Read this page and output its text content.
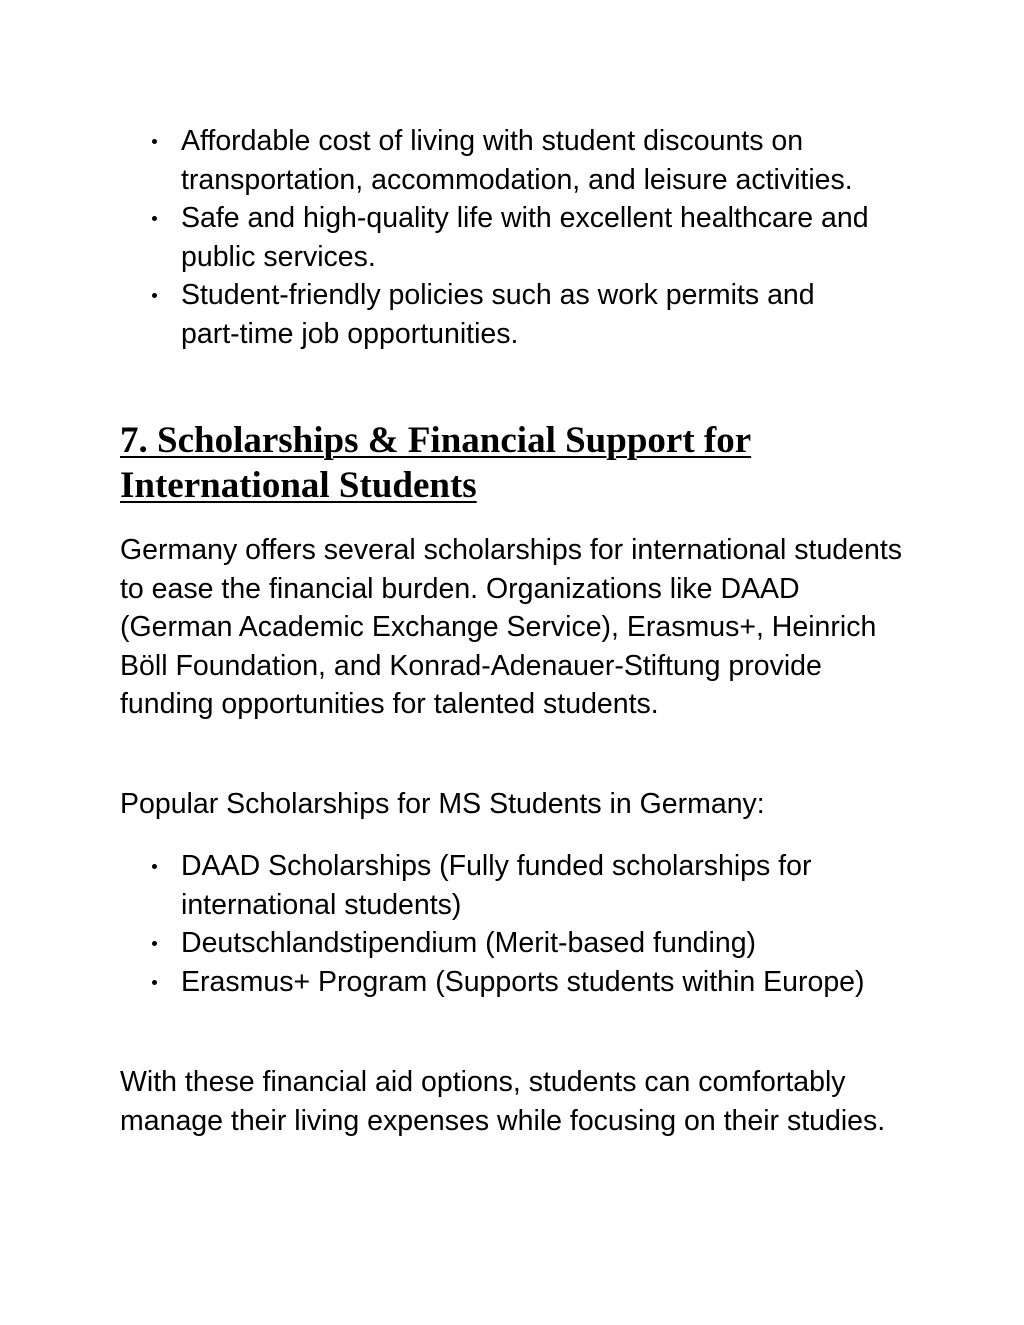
Affordable cost of living with student discounts on transportation, accommodation, and leisure activities.
Safe and high-quality life with excellent healthcare and public services.
Student-friendly policies such as work permits and part-time job opportunities.
7. Scholarships & Financial Support for International Students

Germany offers several scholarships for international students to ease the financial burden. Organizations like DAAD (German Academic Exchange Service), Erasmus+, Heinrich Böll Foundation, and Konrad-Adenauer-Stiftung provide funding opportunities for talented students.

Popular Scholarships for MS Students in Germany:

DAAD Scholarships (Fully funded scholarships for international students)
Deutschlandstipendium (Merit-based funding)
Erasmus+ Program (Supports students within Europe)

With these financial aid options, students can comfortably manage their living expenses while focusing on their studies.
